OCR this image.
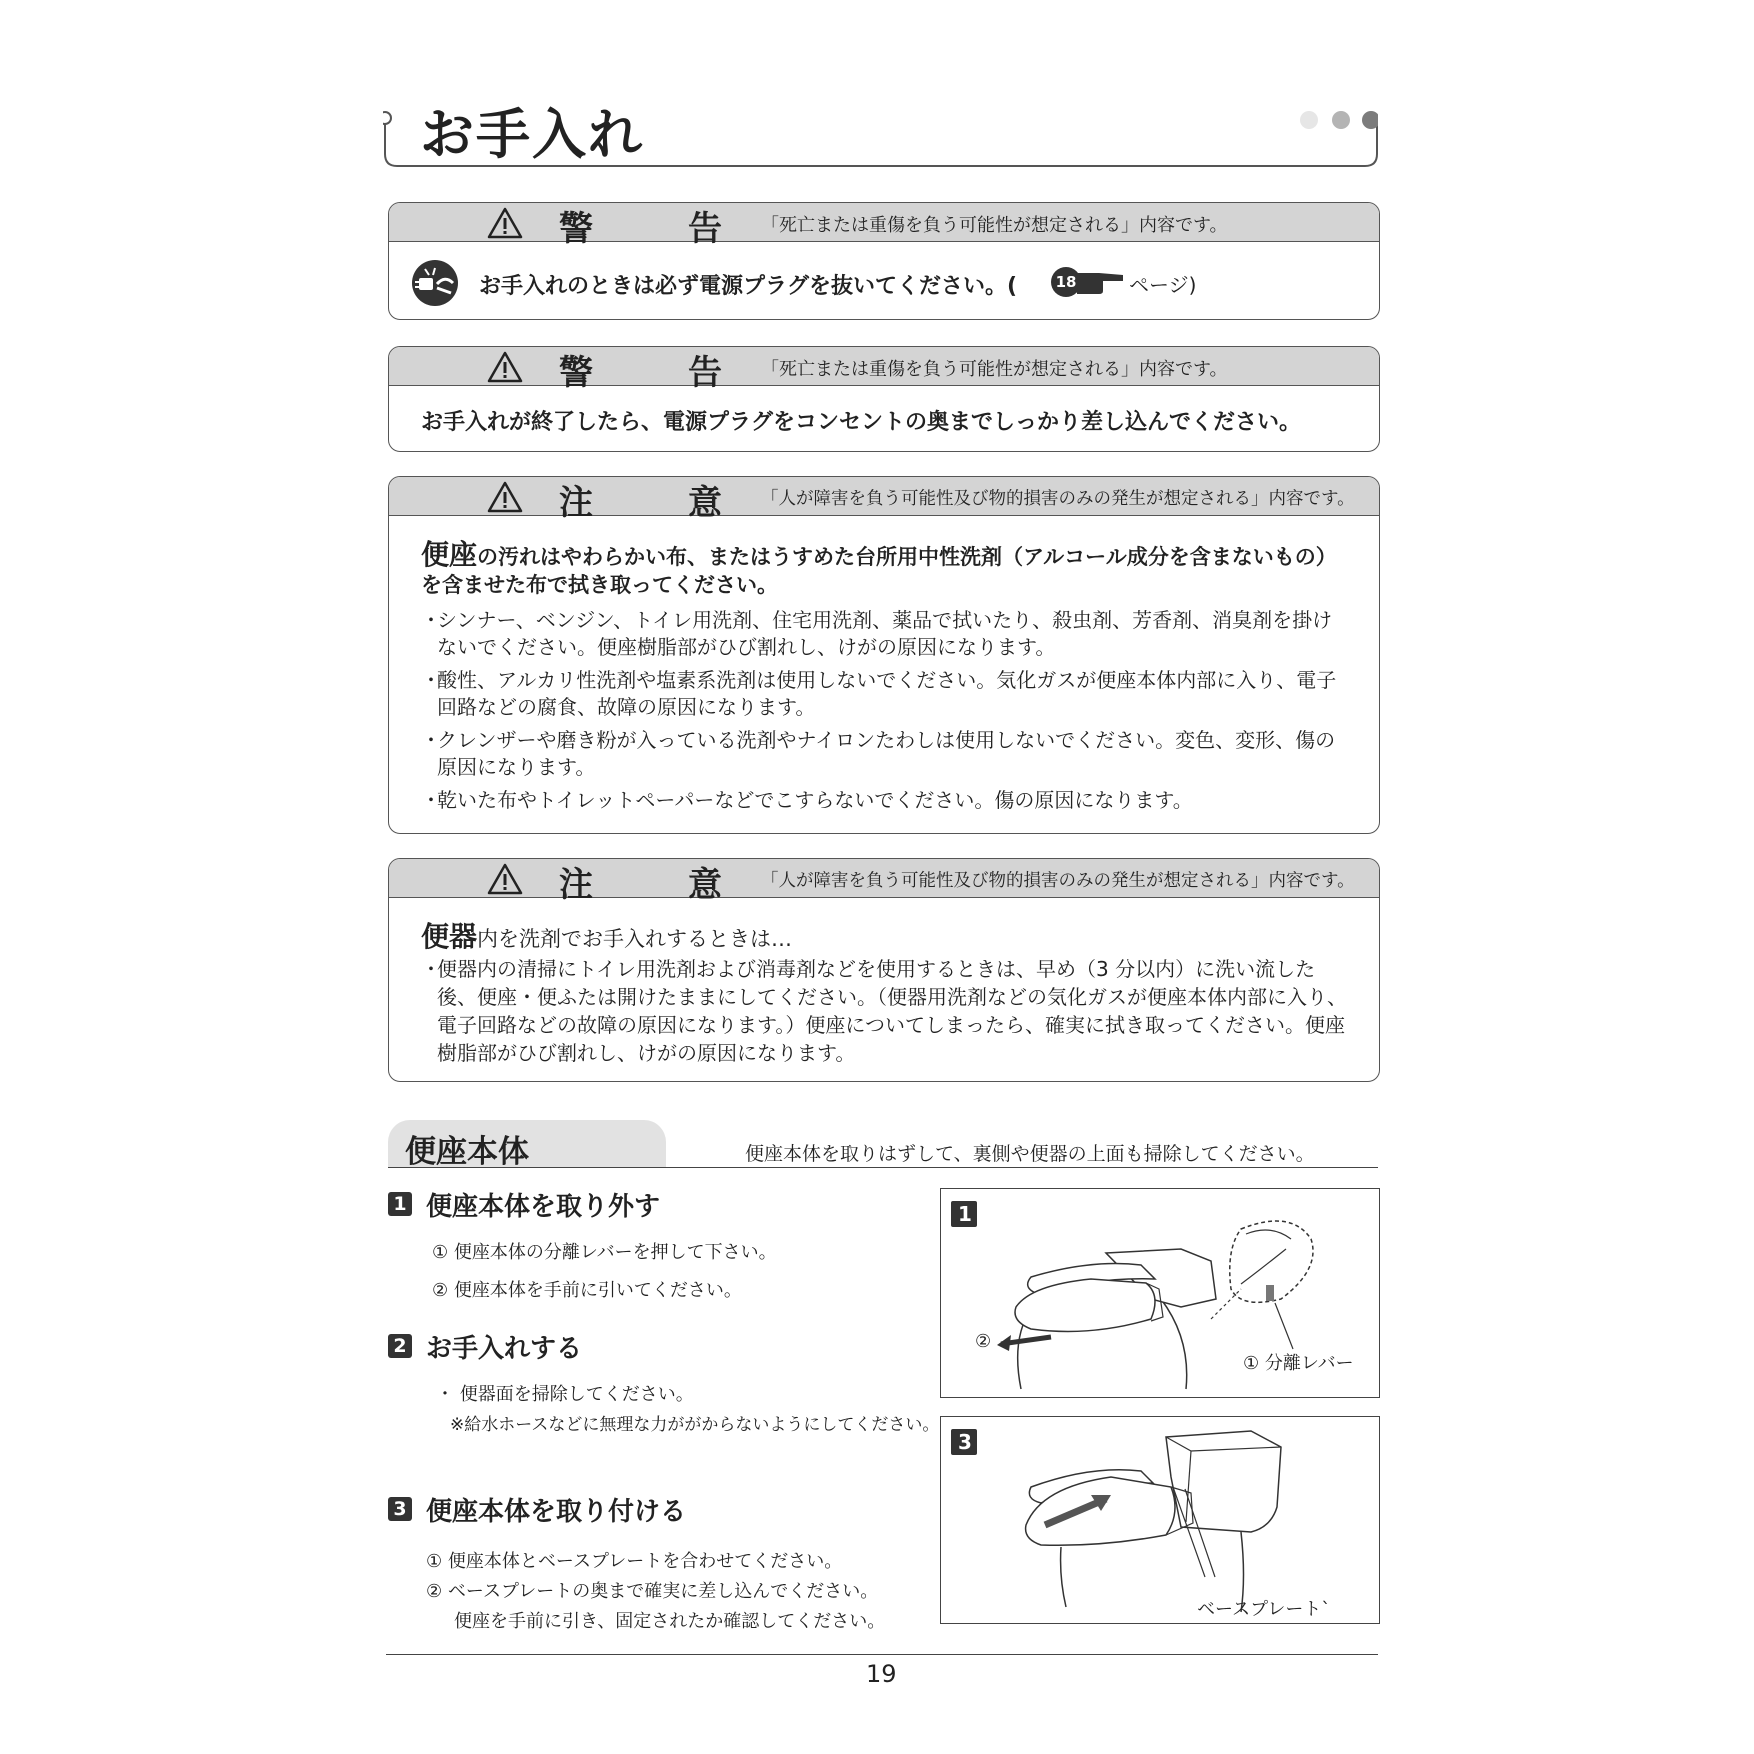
お手入れ
警告
「死亡または重傷を負う可能性が想定される」内容です。
お手入れのときは必ず電源プラグを抜いてください。(	18	ページ)
警告
「死亡または重傷を負う可能性が想定される」内容です。
お手入れが終了したら、電源プラグをコンセントの奥までしっかり差し込んでください。
注意
「人が障害を負う可能性及び物的損害のみの発生が想定される」内容です。
便座の汚れはやわらかい布、またはうすめた台所用中性洗剤（アルコール成分を含まないもの）
を含ませた布で拭き取ってください。
・
シンナー、ベンジン、トイレ用洗剤、住宅用洗剤、薬品で拭いたり、殺虫剤、芳香剤、消臭剤を掛けないでください。便座樹脂部がひび割れし、けがの原因になります。
・
酸性、アルカリ性洗剤や塩素系洗剤は使用しないでください。気化ガスが便座本体内部に入り、電子回路などの腐食、故障の原因になります。
・
クレンザーや磨き粉が入っている洗剤やナイロンたわしは使用しないでください。変色、変形、傷の原因になります。
・
乾いた布やトイレットペーパーなどでこすらないでください。傷の原因になります。
注意
「人が障害を負う可能性及び物的損害のみの発生が想定される」内容です。
便器内を洗剤でお手入れするときは…
・
便器内の清掃にトイレ用洗剤および消毒剤などを使用するときは、早め（3 分以内）に洗い流した後、便座・便ふたは開けたままにしてください。（便器用洗剤などの気化ガスが便座本体内部に入り、電子回路などの故障の原因になります。）便座についてしまったら、確実に拭き取ってください。便座樹脂部がひび割れし、けがの原因になります。
便座本体	便座本体を取りはずして、裏側や便器の上面も掃除してください。
1 便座本体を取り外す
① 便座本体の分離レバーを押して下さい。
② 便座本体を手前に引いてください。
2 お手入れする
・ 便器面を掃除してください。
※給水ホースなどに無理な力ががからないようにしてください。
3 便座本体を取り付ける
① 便座本体とベースプレートを合わせてください。
② ベースプレートの奥まで確実に差し込んでください。
便座を手前に引き、固定されたか確認してください。
1
②
① 分離レバー
3
ベースプレート`
19
